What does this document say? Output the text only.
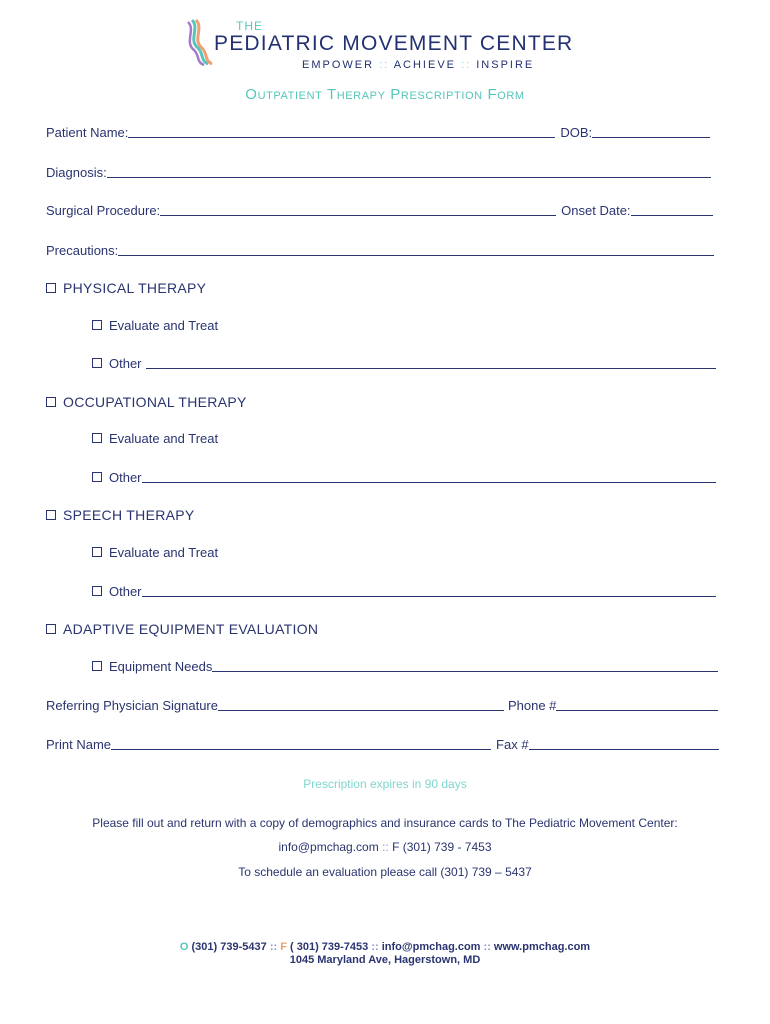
THE
PEDIATRIC MOVEMENT CENTER
EMPOWER :: ACHIEVE :: INSPIRE
Outpatient Therapy Prescription Form
Patient Name:	DOB:
Diagnosis:
Surgical Procedure:	Onset Date:
Precautions:
PHYSICAL THERAPY
Evaluate and Treat
Other
OCCUPATIONAL THERAPY
Evaluate and Treat
Other
SPEECH THERAPY
Evaluate and Treat
Other
ADAPTIVE EQUIPMENT EVALUATION
Equipment Needs
Referring Physician Signature	Phone #
Print Name	Fax #
Prescription expires in 90 days
Please fill out and return with a copy of demographics and insurance cards to The Pediatric Movement Center:
info@pmchag.com :: F (301) 739 - 7453
To schedule an evaluation please call (301) 739 – 5437
O (301) 739-5437 :: F ( 301) 739-7453 :: info@pmchag.com :: www.pmchag.com
1045 Maryland Ave, Hagerstown, MD
